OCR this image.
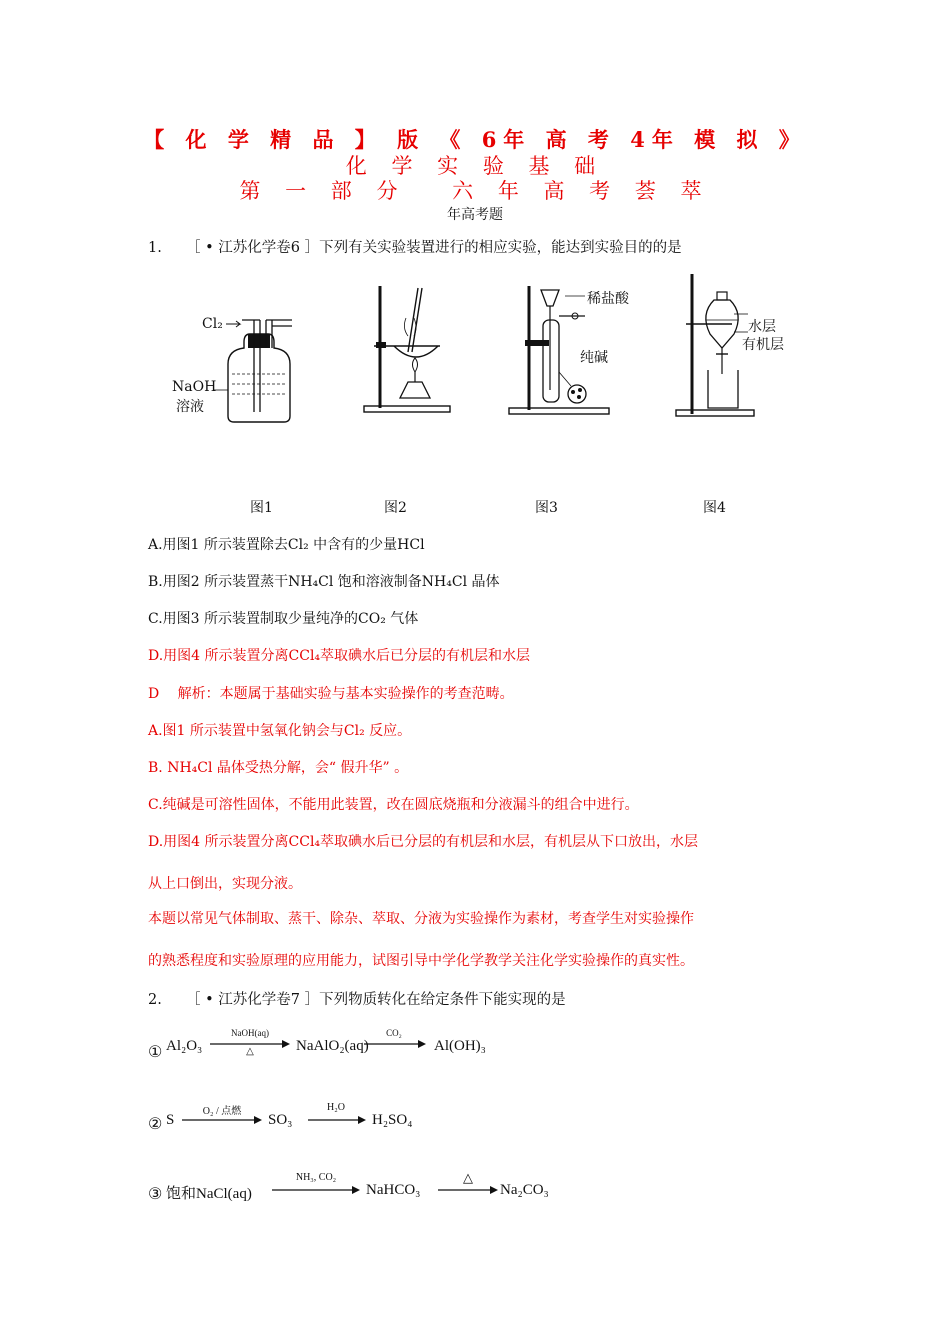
【 化 学 精 品 】 版 《 6年 高 考 4年 模 拟 》
化 学 实 验 基 础
第 一 部 分　 六 年 高 考 荟 萃
年高考题
1. ［ • 江苏化学卷6 ］下列有关实验装置进行的相应实验，能达到实验目的的是
Cl₂
NaOH
溶液
稀盐酸
纯碱
水层
有机层
图1	图2	图3	图4
A.用图1 所示装置除去Cl₂ 中含有的少量HCl
B.用图2 所示装置蒸干NH₄Cl 饱和溶液制备NH₄Cl 晶体
C.用图3 所示装置制取少量纯净的CO₂ 气体
D.用图4 所示装置分离CCl₄萃取碘水后已分层的有机层和水层
D　 解析：本题属于基础实验与基本实验操作的考查范畴。
A.图1 所示装置中氢氧化钠会与Cl₂ 反应。
B. NH₄Cl 晶体受热分解，会“ 假升华” 。
C.纯碱是可溶性固体，不能用此装置，改在圆底烧瓶和分液漏斗的组合中进行。
D.用图4 所示装置分离CCl₄萃取碘水后已分层的有机层和水层，有机层从下口放出，水层
从上口倒出，实现分液。
本题以常见气体制取、蒸干、除杂、萃取、分液为实验操作为素材，考查学生对实验操作
的熟悉程度和实验原理的应用能力，试图引导中学化学教学关注化学实验操作的真实性。
2. ［ • 江苏化学卷7 ］下列物质转化在给定条件下能实现的是
① Al₂O₃
NaOH(aq)
△	NaAlO₂(aq)
CO₂
Al(OH)₃
② S
O₂ / 点燃
SO₃
H₂O
→ H₂SO₄
③ 饱和NaCl(aq)
NH₃, CO₂
NaHCO₃
△
→ Na₂CO₃
